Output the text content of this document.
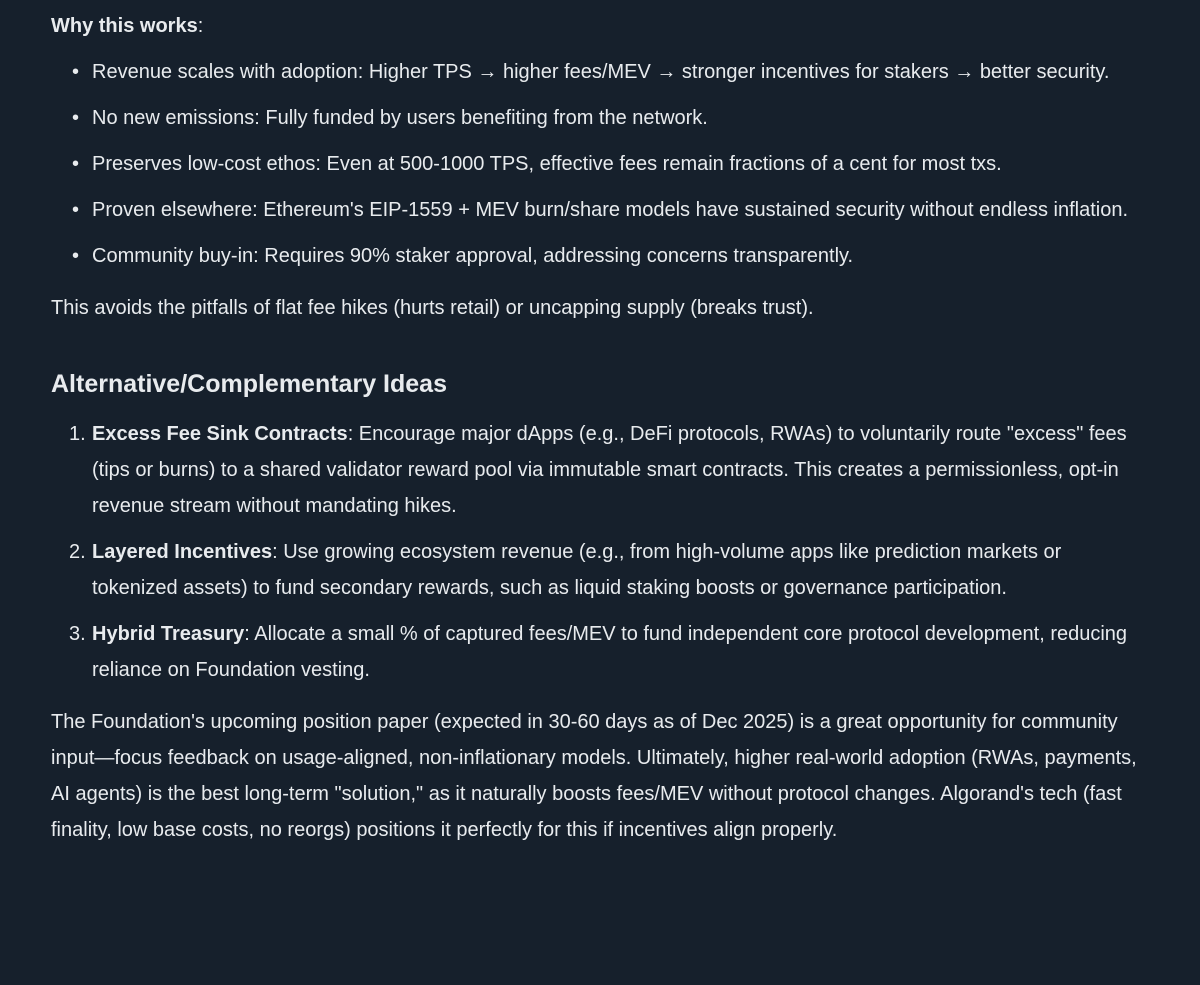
Why this works:

• Revenue scales with adoption: Higher TPS → higher fees/MEV → stronger incentives for stakers → better security.
• No new emissions: Fully funded by users benefiting from the network.
• Preserves low-cost ethos: Even at 500-1000 TPS, effective fees remain fractions of a cent for most txs.
• Proven elsewhere: Ethereum's EIP-1559 + MEV burn/share models have sustained security without endless inflation.
• Community buy-in: Requires 90% staker approval, addressing concerns transparently.

This avoids the pitfalls of flat fee hikes (hurts retail) or uncapping supply (breaks trust).

Alternative/Complementary Ideas
1. Excess Fee Sink Contracts: Encourage major dApps (e.g., DeFi protocols, RWAs) to voluntarily route "excess" fees (tips or burns) to a shared validator reward pool via immutable smart contracts. This creates a permissionless, opt-in revenue stream without mandating hikes.
2. Layered Incentives: Use growing ecosystem revenue (e.g., from high-volume apps like prediction markets or tokenized assets) to fund secondary rewards, such as liquid staking boosts or governance participation.
3. Hybrid Treasury: Allocate a small % of captured fees/MEV to fund independent core protocol development, reducing reliance on Foundation vesting.

The Foundation's upcoming position paper (expected in 30-60 days as of Dec 2025) is a great opportunity for community input—focus feedback on usage-aligned, non-inflationary models. Ultimately, higher real-world adoption (RWAs, payments, AI agents) is the best long-term "solution," as it naturally boosts fees/MEV without protocol changes. Algorand's tech (fast finality, low base costs, no reorgs) positions it perfectly for this if incentives align properly.
